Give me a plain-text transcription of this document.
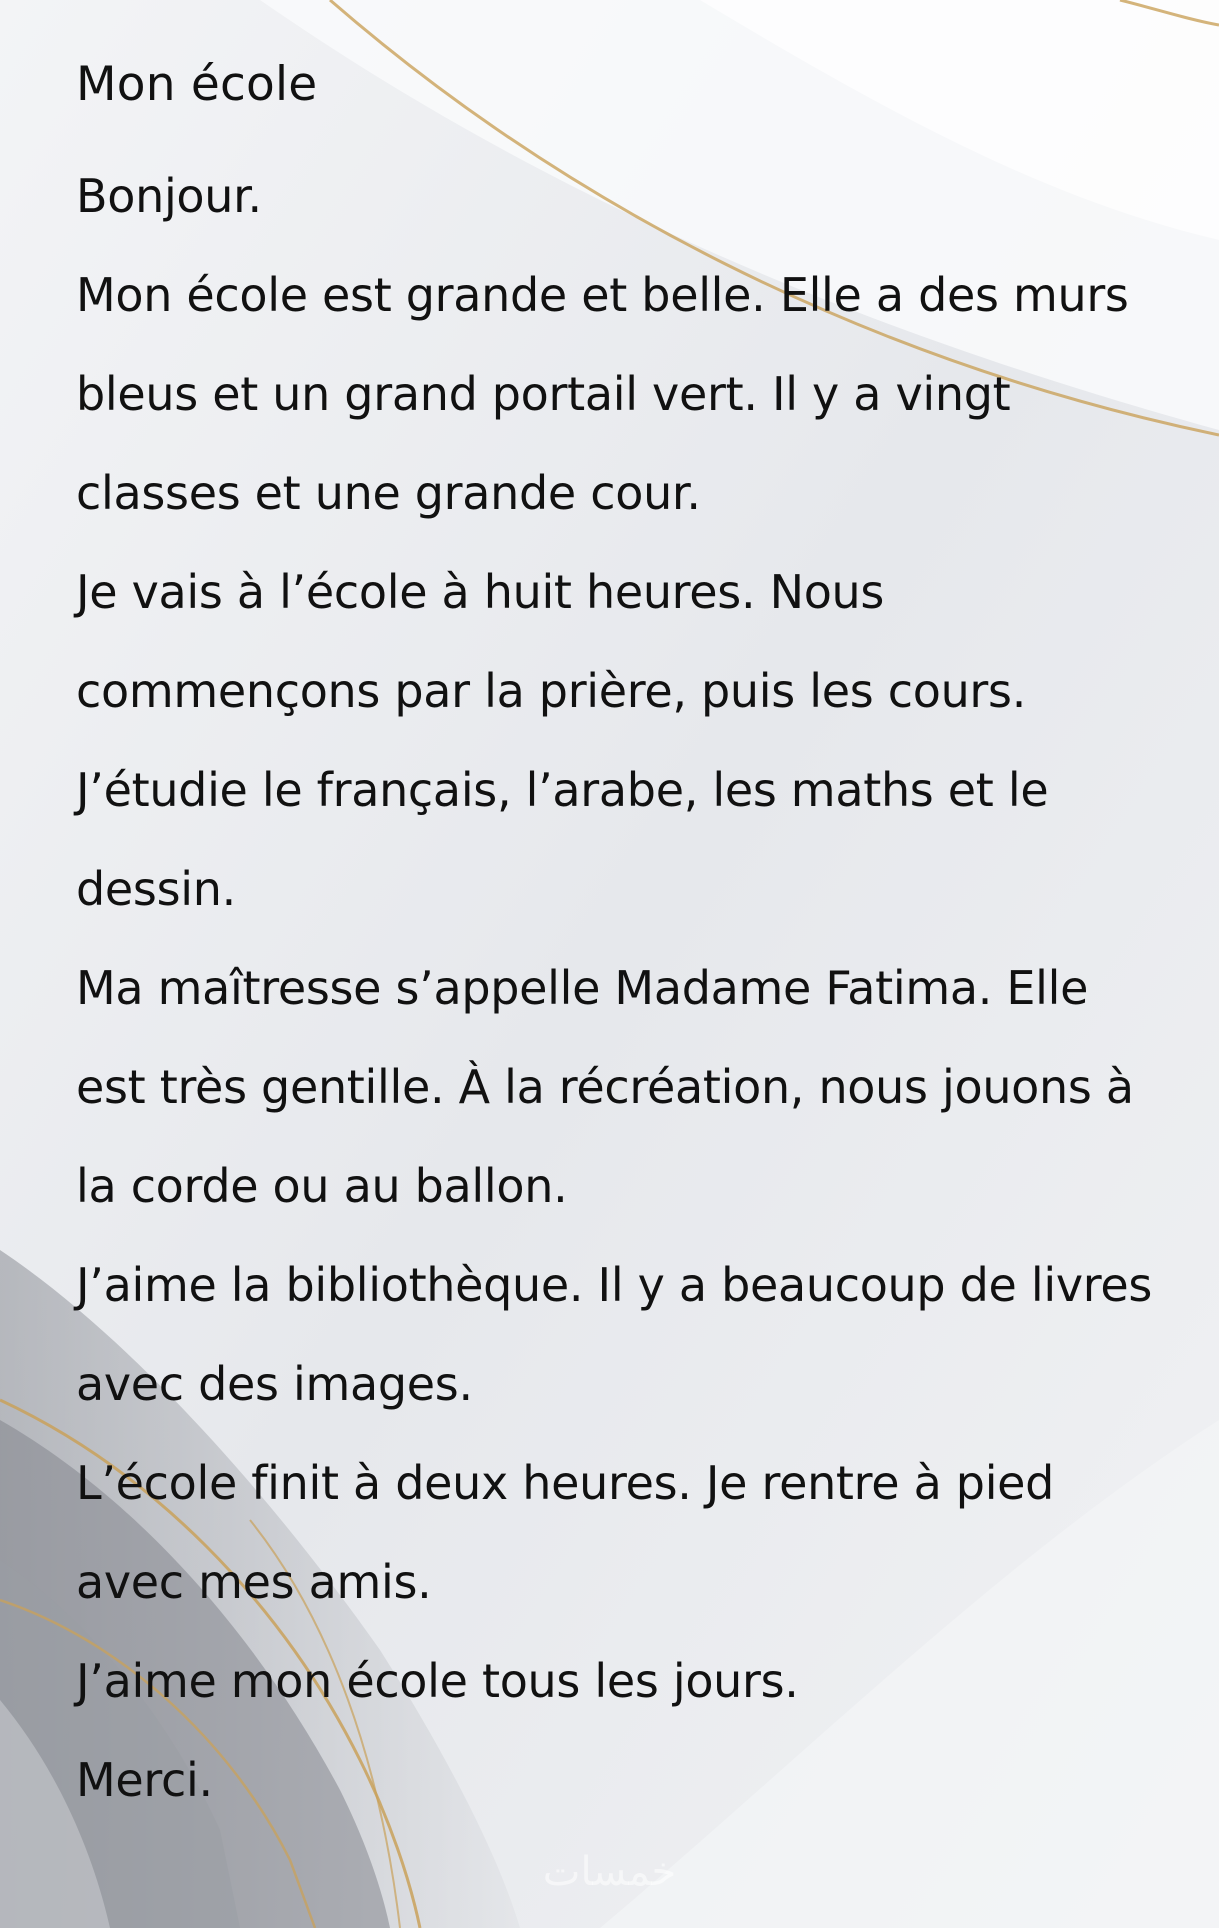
Mon école

Bonjour.

Mon école est grande et belle. Elle a des murs bleus et un grand portail vert. Il y a vingt classes et une grande cour.

Je vais à l’école à huit heures. Nous commençons par la prière, puis les cours.

J’étudie le français, l’arabe, les maths et le dessin.

Ma maîtresse s’appelle Madame Fatima. Elle est très gentille. À la récréation, nous jouons à la corde ou au ballon.

J’aime la bibliothèque. Il y a beaucoup de livres avec des images.

L’école finit à deux heures. Je rentre à pied avec mes amis.

J’aime mon école tous les jours.

Merci.

خمسات
